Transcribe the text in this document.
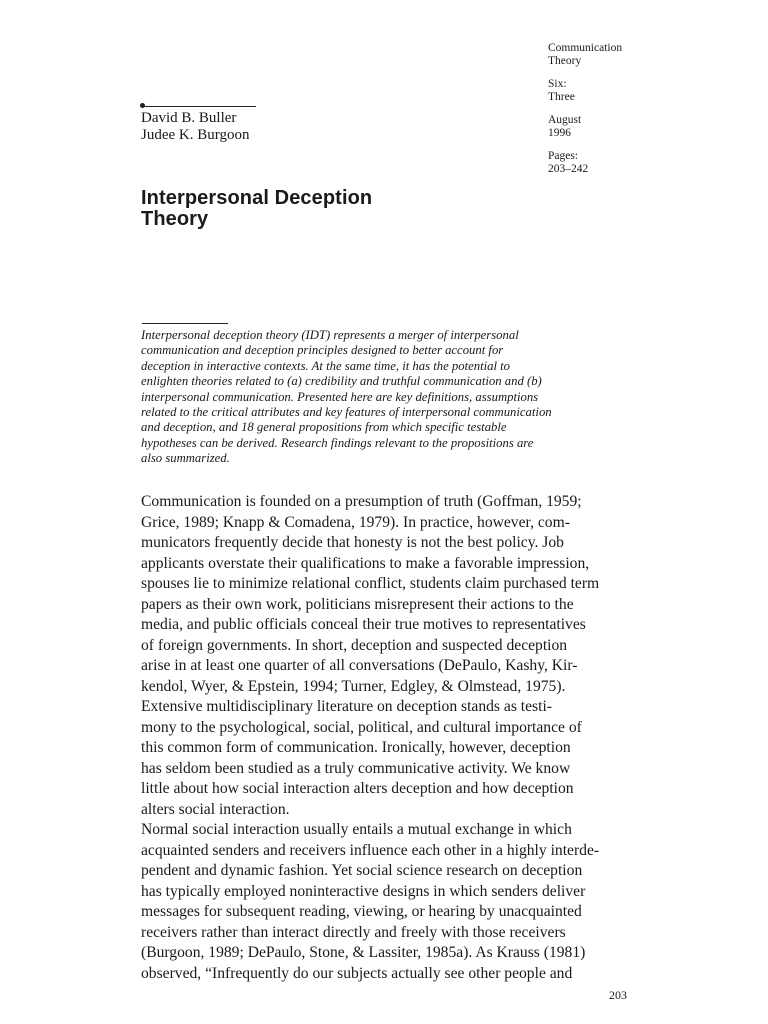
Communication
Theory
Six:
Three
August
1996
Pages:
203–242
David B. Buller
Judee K. Burgoon
Interpersonal Deception
Theory

Interpersonal deception theory (IDT) represents a merger of interpersonal
communication and deception principles designed to better account for
deception in interactive contexts. At the same time, it has the potential to
enlighten theories related to (a) credibility and truthful communication and (b)
interpersonal communication. Presented here are key definitions, assumptions
related to the critical attributes and key features of interpersonal communication
and deception, and 18 general propositions from which specific testable
hypotheses can be derived. Research findings relevant to the propositions are
also summarized.

Communication is founded on a presumption of truth (Goffman, 1959;
Grice, 1989; Knapp & Comadena, 1979). In practice, however, com-
municators frequently decide that honesty is not the best policy. Job
applicants overstate their qualifications to make a favorable impression,
spouses lie to minimize relational conflict, students claim purchased term
papers as their own work, politicians misrepresent their actions to the
media, and public officials conceal their true motives to representatives
of foreign governments. In short, deception and suspected deception
arise in at least one quarter of all conversations (DePaulo, Kashy, Kir-
kendol, Wyer, & Epstein, 1994; Turner, Edgley, & Olmstead, 1975).
Extensive multidisciplinary literature on deception stands as testi-
mony to the psychological, social, political, and cultural importance of
this common form of communication. Ironically, however, deception
has seldom been studied as a truly communicative activity. We know
little about how social interaction alters deception and how deception
alters social interaction.
Normal social interaction usually entails a mutual exchange in which
acquainted senders and receivers influence each other in a highly interde-
pendent and dynamic fashion. Yet social science research on deception
has typically employed noninteractive designs in which senders deliver
messages for subsequent reading, viewing, or hearing by unacquainted
receivers rather than interact directly and freely with those receivers
(Burgoon, 1989; DePaulo, Stone, & Lassiter, 1985a). As Krauss (1981)
observed, “Infrequently do our subjects actually see other people and

203
